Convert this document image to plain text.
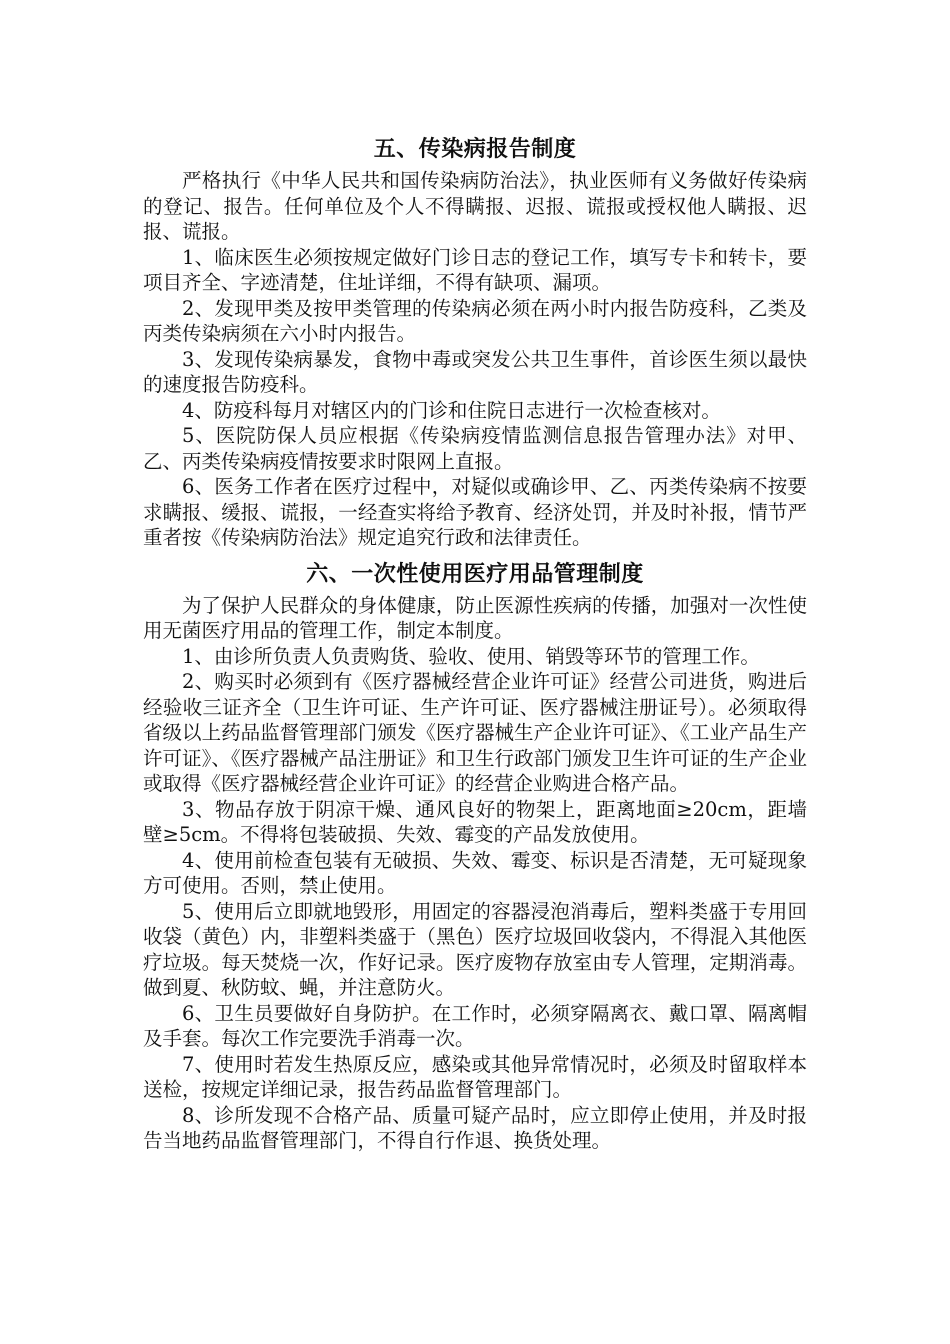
五、传染病报告制度

严格执行《中华人民共和国传染病防治法》，执业医师有义务做好传染病的登记、报告。任何单位及个人不得瞒报、迟报、谎报或授权他人瞒报、迟报、谎报。

1、临床医生必须按规定做好门诊日志的登记工作，填写专卡和转卡，要项目齐全、字迹清楚，住址详细，不得有缺项、漏项。

2、发现甲类及按甲类管理的传染病必须在两小时内报告防疫科，乙类及丙类传染病须在六小时内报告。

3、发现传染病暴发，食物中毒或突发公共卫生事件，首诊医生须以最快的速度报告防疫科。

4、防疫科每月对辖区内的门诊和住院日志进行一次检查核对。

5、医院防保人员应根据《传染病疫情监测信息报告管理办法》对甲、乙、丙类传染病疫情按要求时限网上直报。

6、医务工作者在医疗过程中，对疑似或确诊甲、乙、丙类传染病不按要求瞒报、缓报、谎报，一经查实将给予教育、经济处罚，并及时补报，情节严重者按《传染病防治法》规定追究行政和法律责任。

六、一次性使用医疗用品管理制度

为了保护人民群众的身体健康，防止医源性疾病的传播，加强对一次性使用无菌医疗用品的管理工作，制定本制度。

1、由诊所负责人负责购货、验收、使用、销毁等环节的管理工作。

2、购买时必须到有《医疗器械经营企业许可证》经营公司进货，购进后经验收三证齐全（卫生许可证、生产许可证、医疗器械注册证号）。必须取得省级以上药品监督管理部门颁发《医疗器械生产企业许可证》、《工业产品生产许可证》、《医疗器械产品注册证》和卫生行政部门颁发卫生许可证的生产企业或取得《医疗器械经营企业许可证》的经营企业购进合格产品。

3、物品存放于阴凉干燥、通风良好的物架上，距离地面≥20cm，距墙壁≥5cm。不得将包装破损、失效、霉变的产品发放使用。

4、使用前检查包装有无破损、失效、霉变、标识是否清楚，无可疑现象方可使用。否则，禁止使用。

5、使用后立即就地毁形，用固定的容器浸泡消毒后，塑料类盛于专用回收袋（黄色）内，非塑料类盛于（黑色）医疗垃圾回收袋内，不得混入其他医疗垃圾。每天焚烧一次，作好记录。医疗废物存放室由专人管理，定期消毒。做到夏、秋防蚊、蝇，并注意防火。

6、卫生员要做好自身防护。在工作时，必须穿隔离衣、戴口罩、隔离帽及手套。每次工作完要洗手消毒一次。

7、使用时若发生热原反应，感染或其他异常情况时，必须及时留取样本送检，按规定详细记录，报告药品监督管理部门。

8、诊所发现不合格产品、质量可疑产品时，应立即停止使用，并及时报告当地药品监督管理部门，不得自行作退、换货处理。
